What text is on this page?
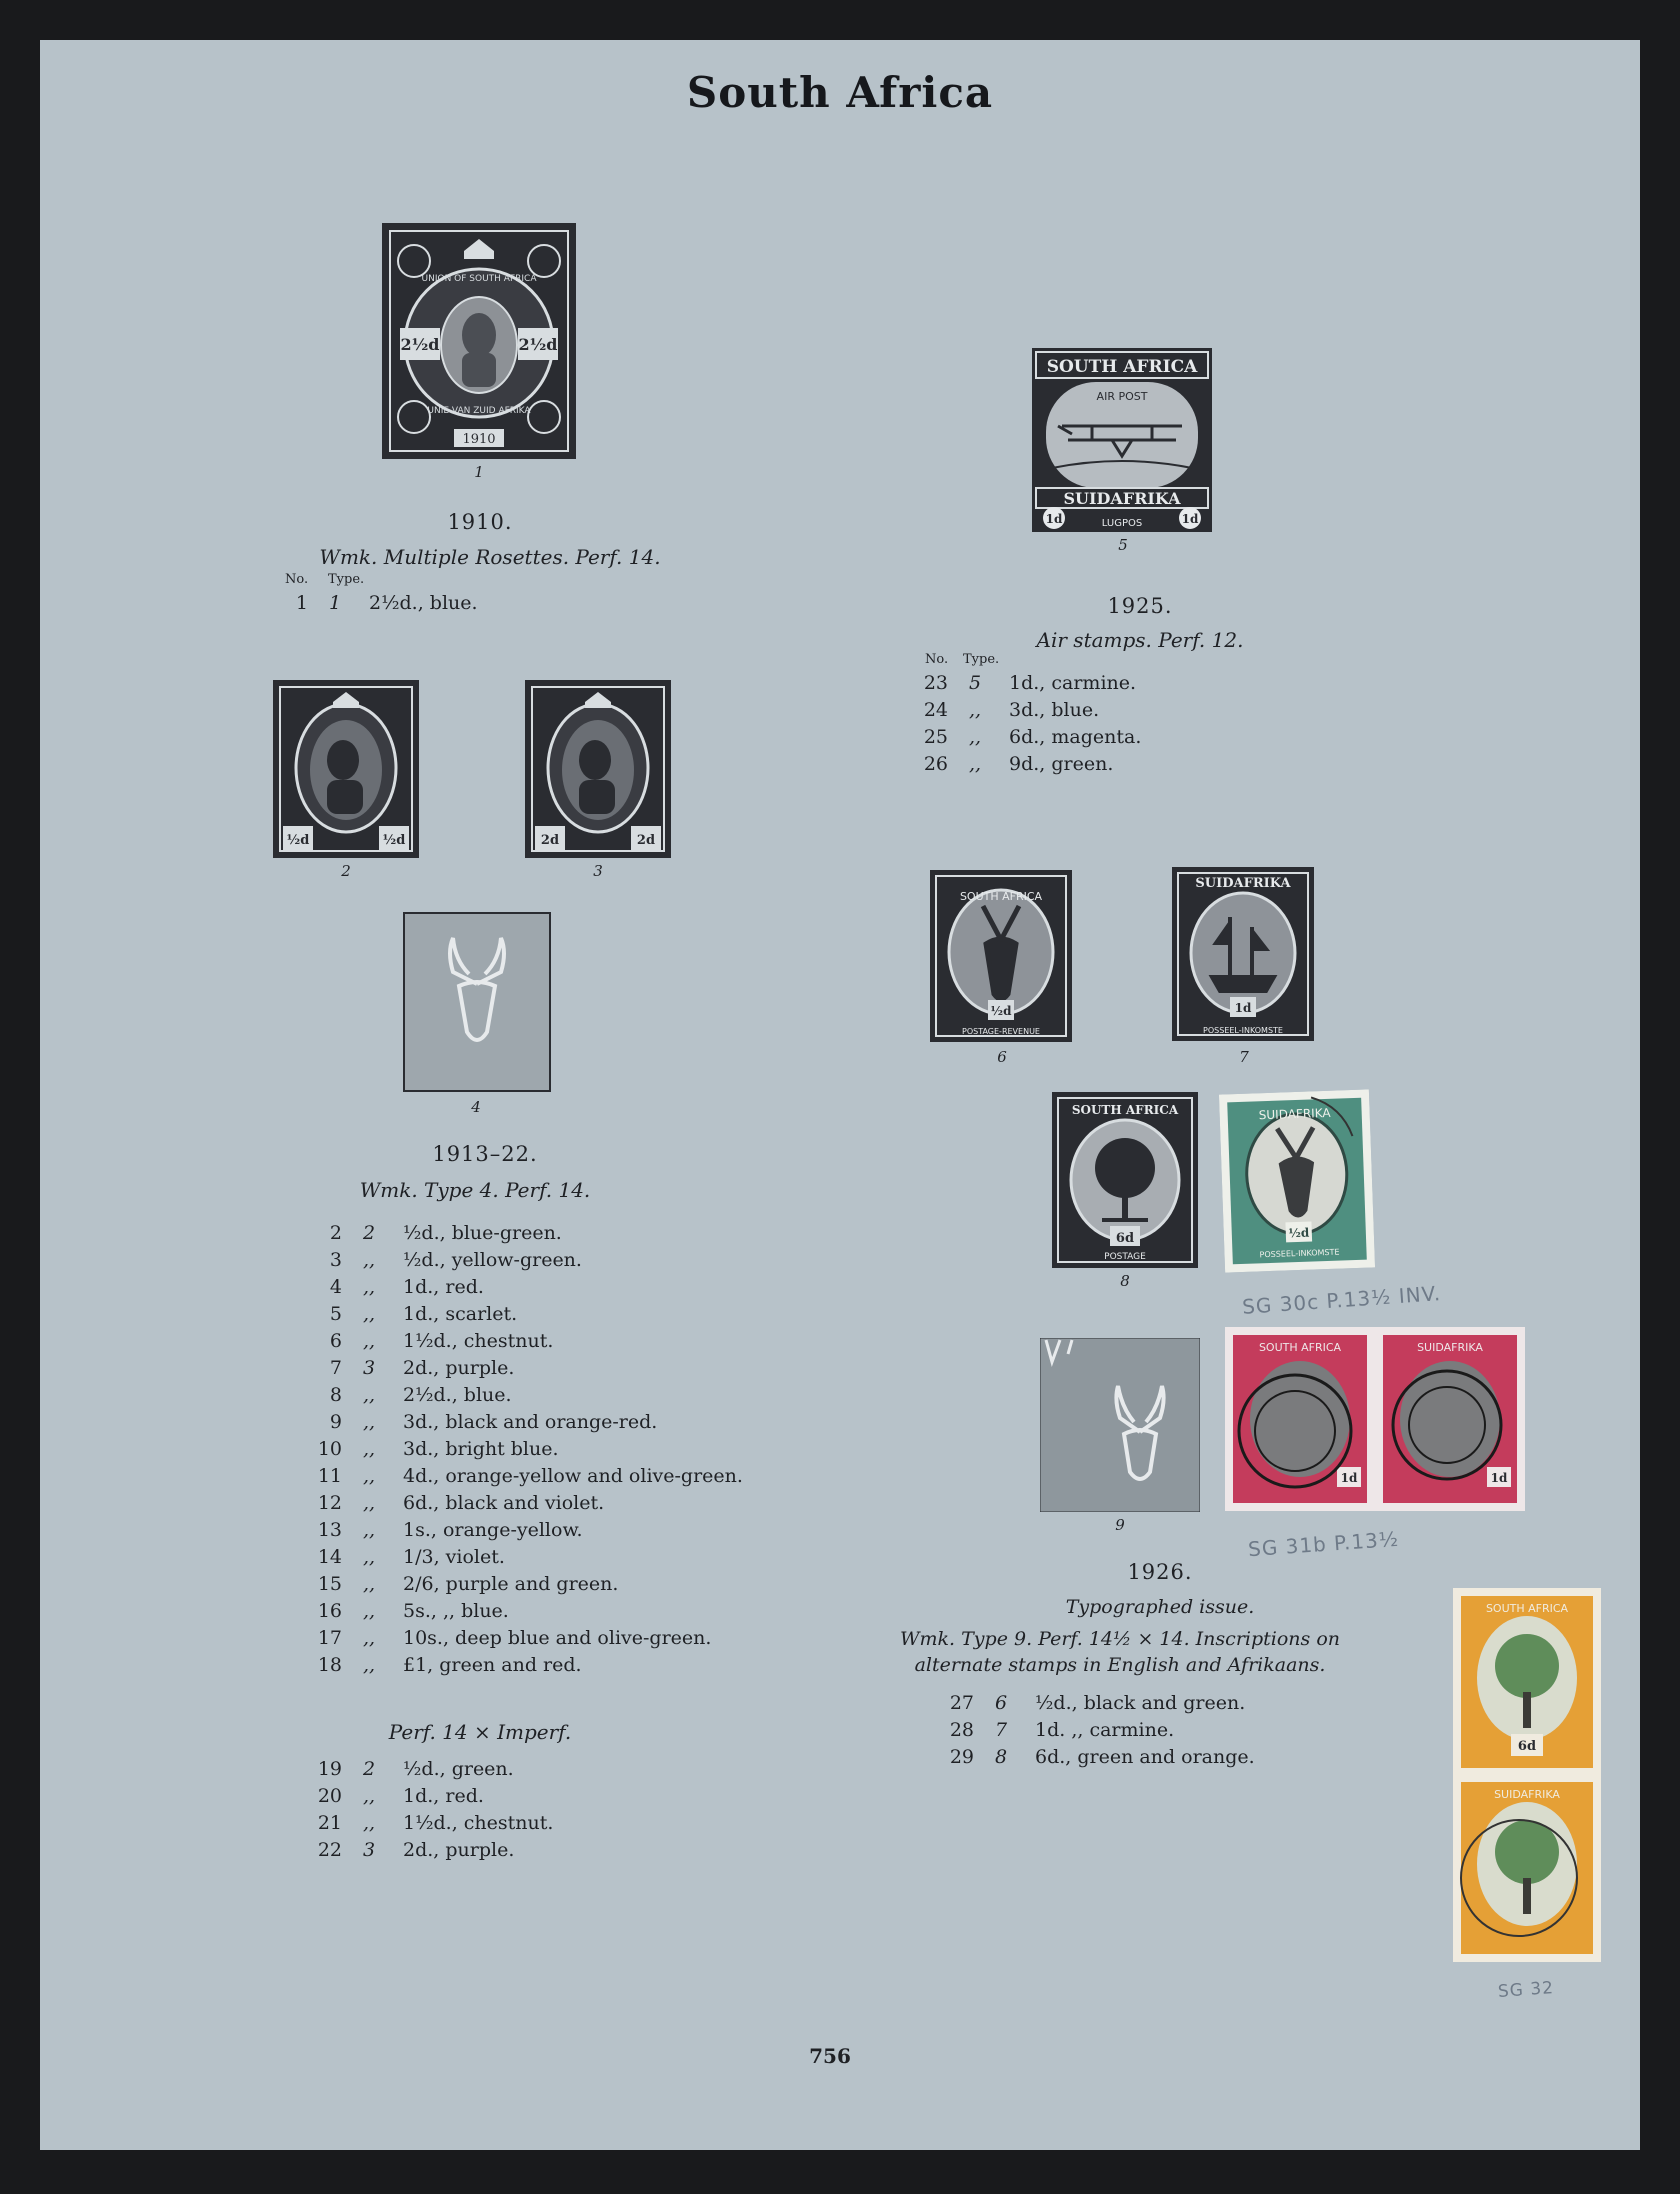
South Africa
2½d	2½d
UNION OF SOUTH AFRICA
UNIE VAN ZUID AFRIKA
1910
1
1910.
Wmk. Multiple Rosettes. Perf. 14.
No. Type.
1 1 2½d., blue.
½d	½d
2
2d	2d
3
4
1913–22.
Wmk. Type 4. Perf. 14.
2 2 ½d., blue-green.
3 ,, ½d., yellow-green.
4 ,, 1d., red.
5 ,, 1d., scarlet.
6 ,, 1½d., chestnut.
7 3 2d., purple.
8 ,, 2½d., blue.
9 ,, 3d., black and orange-red.
10 ,, 3d., bright blue.
11 ,, 4d., orange-yellow and olive-green.
12 ,, 6d., black and violet.
13 ,, 1s., orange-yellow.
14 ,, 1/3, violet.
15 ,, 2/6, purple and green.
16 ,, 5s., ,, blue.
17 ,, 10s., deep blue and olive-green.
18 ,, £1, green and red.
Perf. 14 × Imperf.
19 2 ½d., green.
20 ,, 1d., red.
21 ,, 1½d., chestnut.
22 3 2d., purple.
SOUTH AFRICA
AIR POST
SUIDAFRIKA
1d	1d
LUGPOS
5
1925.
Air stamps. Perf. 12.
No. Type.
23 5 1d., carmine.
24 ,, 3d., blue.
25 ,, 6d., magenta.
26 ,, 9d., green.
SOUTH AFRICA
½d
POSTAGE-REVENUE
6
SUIDAFRIKA
1d
POSSEEL-INKOMSTE
7
SOUTH AFRICA
6d
POSTAGE
8
SUIDAFRIKA
½d
POSSEEL-INKOMSTE
SG 30c P.13½ INV.
9
SOUTH AFRICA	SUIDAFRIKA
1d	1d
SG 31b P.13½
1926.
Typographed issue.
Wmk. Type 9. Perf. 14½ × 14. Inscriptions on
alternate stamps in English and Afrikaans.
27 6 ½d., black and green.
28 7 1d. ,, carmine.
29 8 6d., green and orange.
SOUTH AFRICA
SUIDAFRIKA
6d
SG 32
756
